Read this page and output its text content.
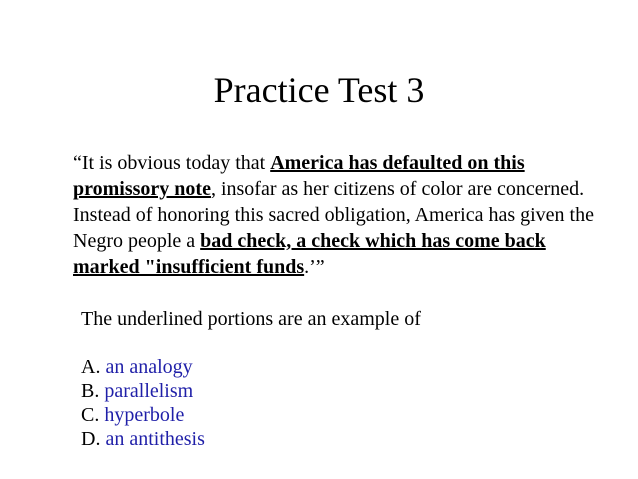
Practice Test 3

“It is obvious today that America has defaulted on this promissory note, insofar as her citizens of color are concerned. Instead of honoring this sacred obligation, America has given the Negro people a bad check, a check which has come back marked "insufficient funds.’”

The underlined portions are an example of

A. an analogy
B. parallelism
C. hyperbole
D. an antithesis
